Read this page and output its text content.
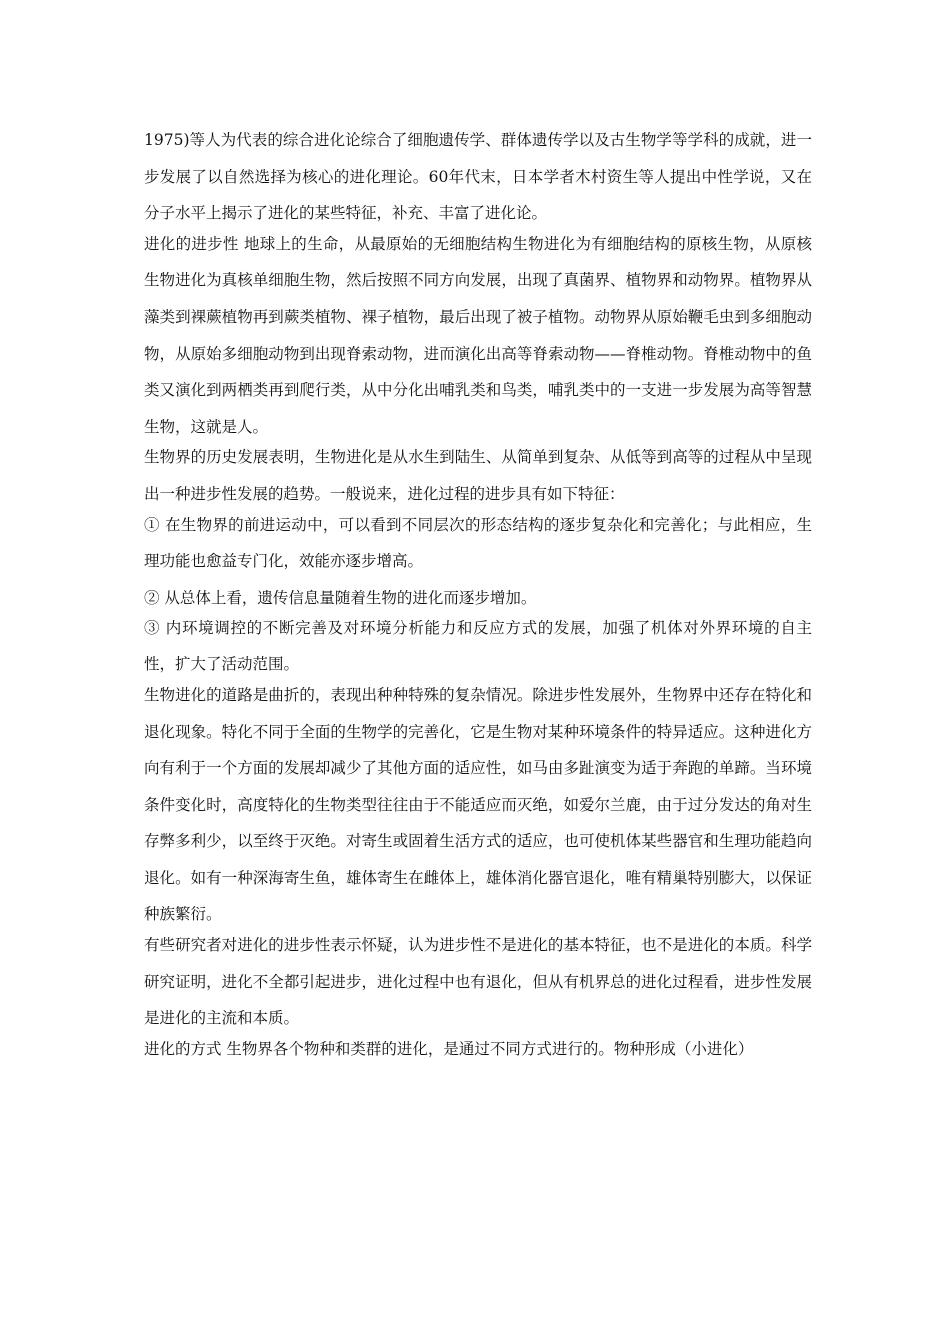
1975)等人为代表的综合进化论综合了细胞遗传学、群体遗传学以及古生物学等学科的成就，进一步发展了以自然选择为核心的进化理论。60年代末，日本学者木村资生等人提出中性学说，又在分子水平上揭示了进化的某些特征，补充、丰富了进化论。

进化的进步性 地球上的生命，从最原始的无细胞结构生物进化为有细胞结构的原核生物，从原核生物进化为真核单细胞生物，然后按照不同方向发展，出现了真菌界、植物界和动物界。植物界从藻类到裸蕨植物再到蕨类植物、裸子植物，最后出现了被子植物。动物界从原始鞭毛虫到多细胞动物，从原始多细胞动物到出现脊索动物，进而演化出高等脊索动物——脊椎动物。脊椎动物中的鱼类又演化到两栖类再到爬行类，从中分化出哺乳类和鸟类，哺乳类中的一支进一步发展为高等智慧生物，这就是人。

生物界的历史发展表明，生物进化是从水生到陆生、从简单到复杂、从低等到高等的过程从中呈现出一种进步性发展的趋势。一般说来，进化过程的进步具有如下特征：

① 在生物界的前进运动中，可以看到不同层次的形态结构的逐步复杂化和完善化；与此相应，生理功能也愈益专门化，效能亦逐步增高。

② 从总体上看，遗传信息量随着生物的进化而逐步增加。

③ 内环境调控的不断完善及对环境分析能力和反应方式的发展，加强了机体对外界环境的自主性，扩大了活动范围。

生物进化的道路是曲折的，表现出种种特殊的复杂情况。除进步性发展外，生物界中还存在特化和退化现象。特化不同于全面的生物学的完善化，它是生物对某种环境条件的特异适应。这种进化方向有利于一个方面的发展却减少了其他方面的适应性，如马由多趾演变为适于奔跑的单蹄。当环境条件变化时，高度特化的生物类型往往由于不能适应而灭绝，如爱尔兰鹿，由于过分发达的角对生存弊多利少，以至终于灭绝。对寄生或固着生活方式的适应，也可使机体某些器官和生理功能趋向退化。如有一种深海寄生鱼，雄体寄生在雌体上，雄体消化器官退化，唯有精巢特别膨大，以保证种族繁衍。

有些研究者对进化的进步性表示怀疑，认为进步性不是进化的基本特征，也不是进化的本质。科学研究证明，进化不全都引起进步，进化过程中也有退化，但从有机界总的进化过程看，进步性发展是进化的主流和本质。

进化的方式 生物界各个物种和类群的进化，是通过不同方式进行的。物种形成（小进化）
